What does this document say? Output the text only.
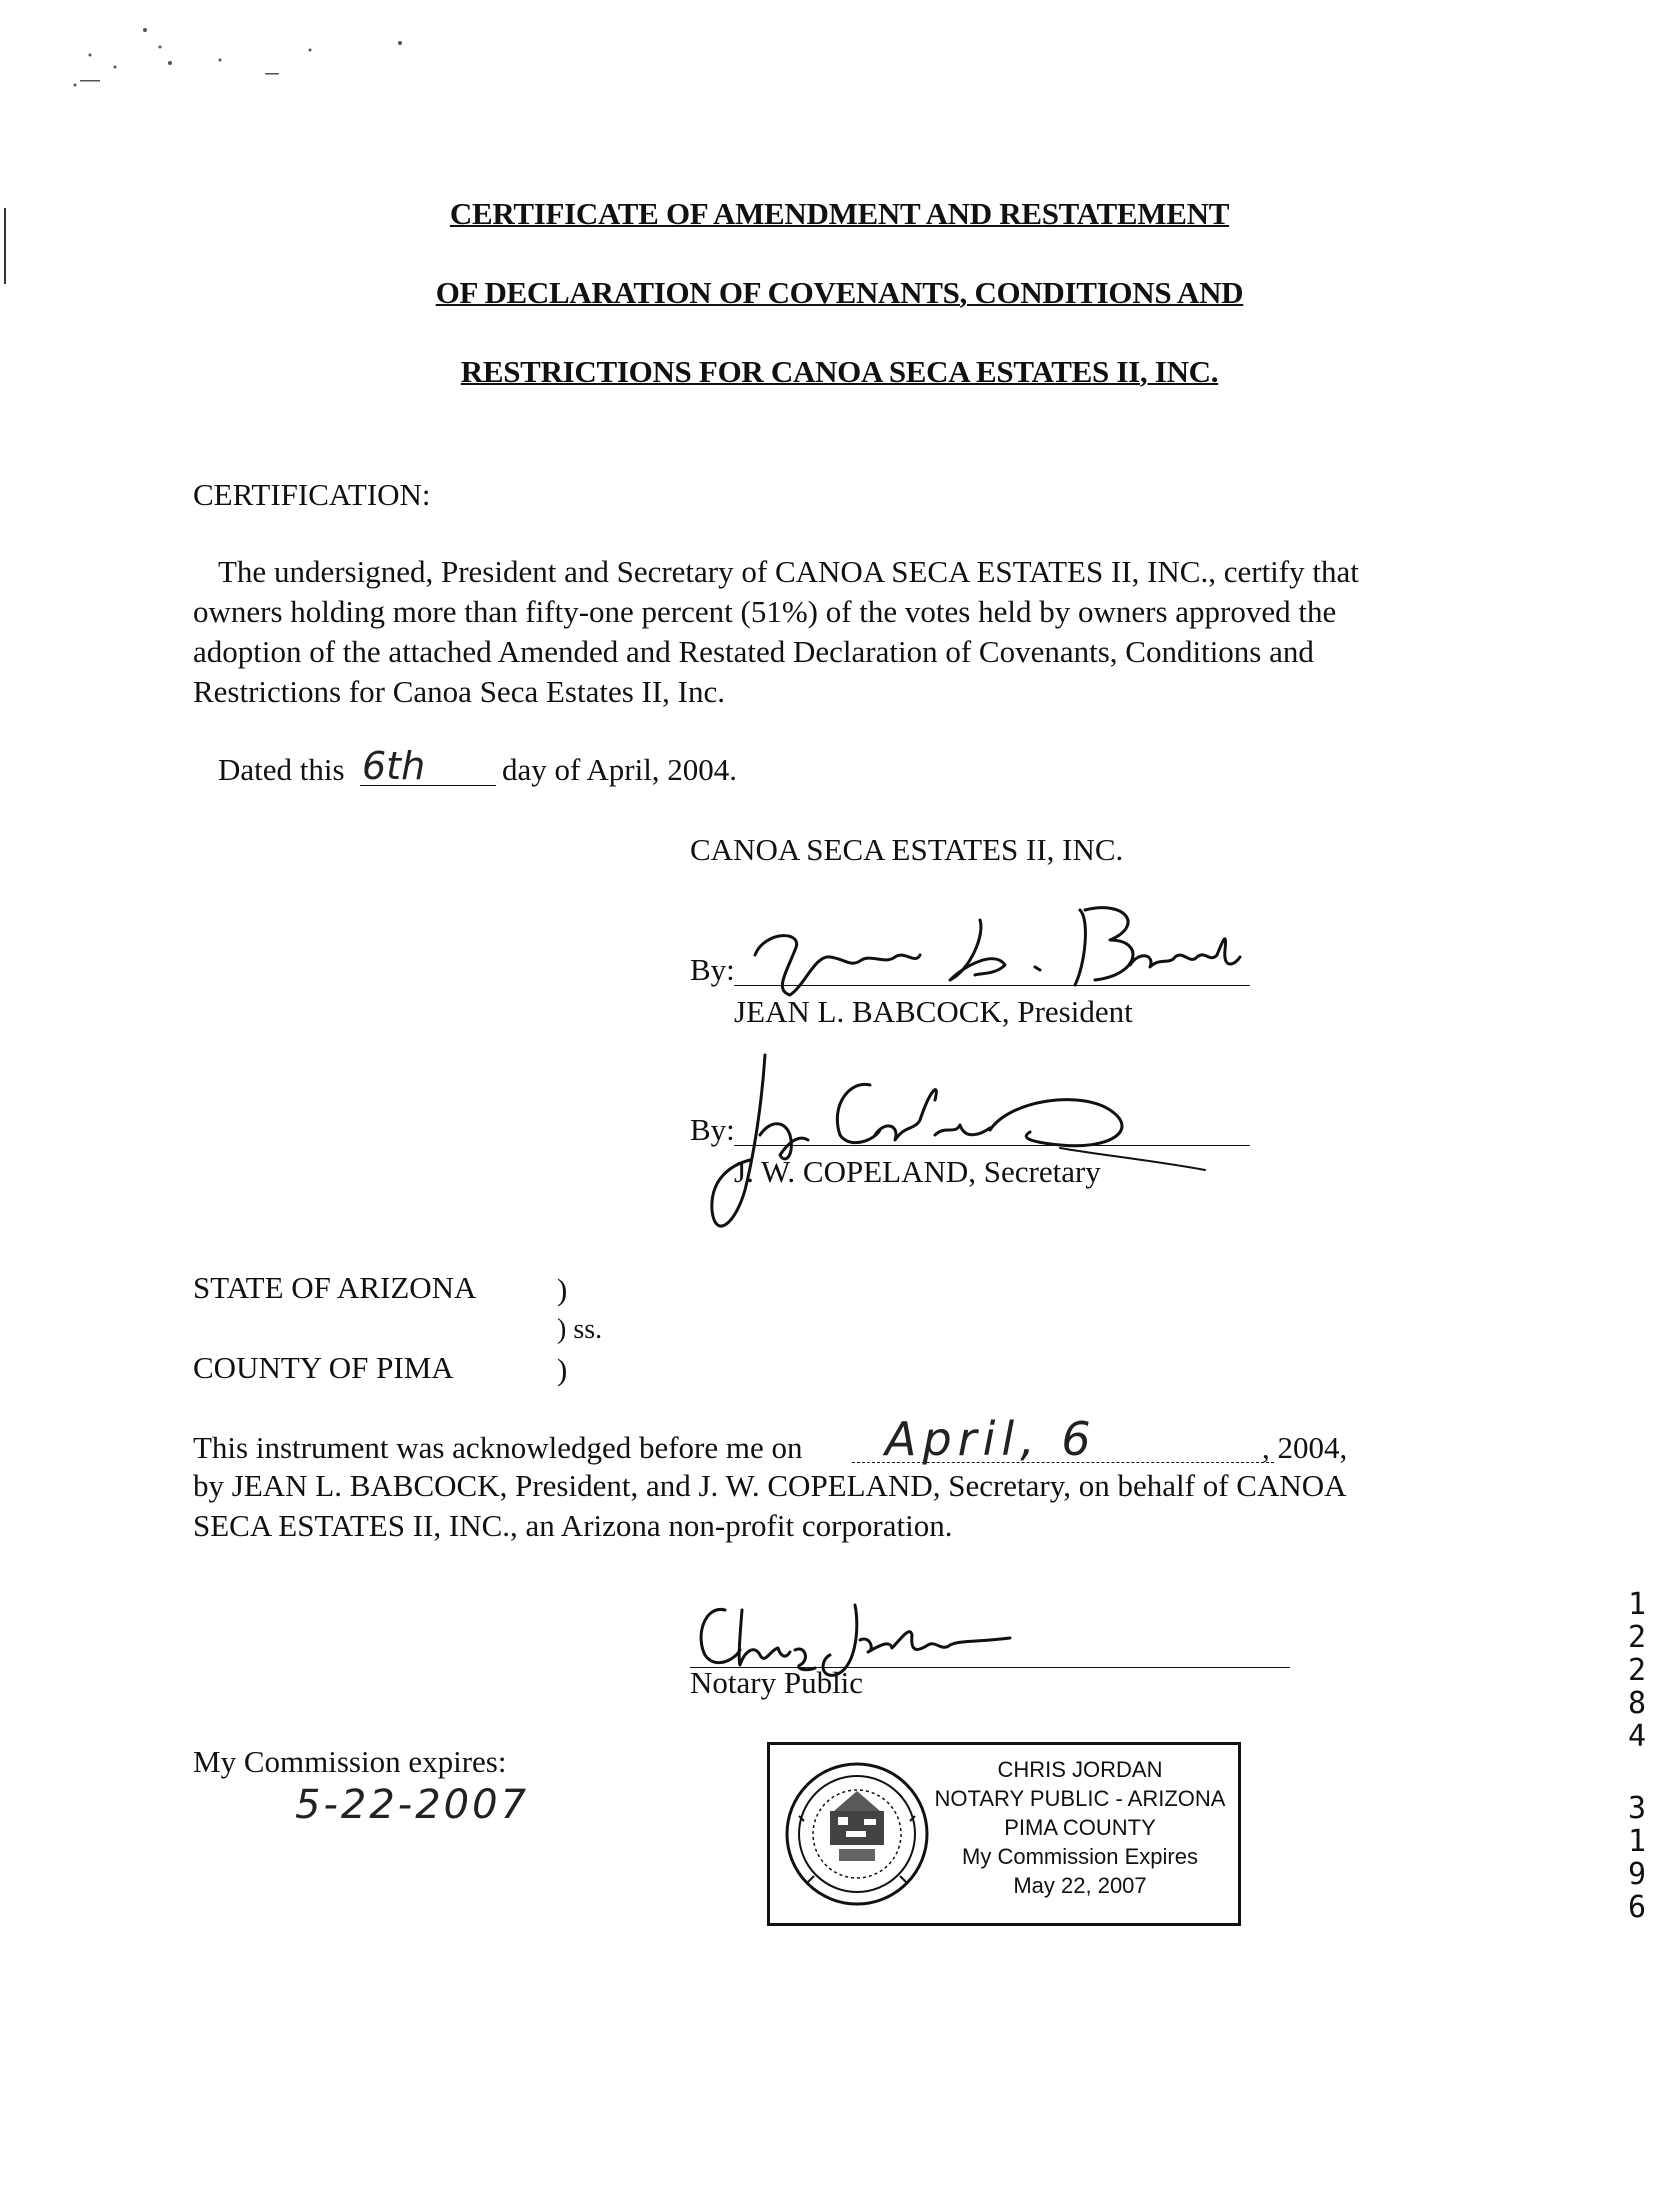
CERTIFICATE OF AMENDMENT AND RESTATEMENT
OF DECLARATION OF COVENANTS, CONDITIONS AND
RESTRICTIONS FOR CANOA SECA ESTATES II, INC.
CERTIFICATION:
The undersigned, President and Secretary of CANOA SECA ESTATES II, INC., certify that
owners holding more than fifty-one percent (51%) of the votes held by owners approved the
adoption of the attached Amended and Restated Declaration of Covenants, Conditions and
Restrictions for Canoa Seca Estates II, Inc.
Dated this 6th day of April, 2004.
CANOA SECA ESTATES II, INC.
By:
JEAN L. BABCOCK, President
By:
J. W. COPELAND, Secretary
STATE OF ARIZONA	)
) ss.
COUNTY OF PIMA	)
This instrument was acknowledged before me on April, 6	, 2004,
by JEAN L. BABCOCK, President, and J. W. COPELAND, Secretary, on behalf of CANOA
SECA ESTATES II, INC., an Arizona non-profit corporation.
Notary Public
My Commission expires:
5-22-2007
CHRIS JORDAN
NOTARY PUBLIC - ARIZONA
PIMA COUNTY
My Commission Expires
May 22, 2007
1
2
2
8
4
3
1
9
6
